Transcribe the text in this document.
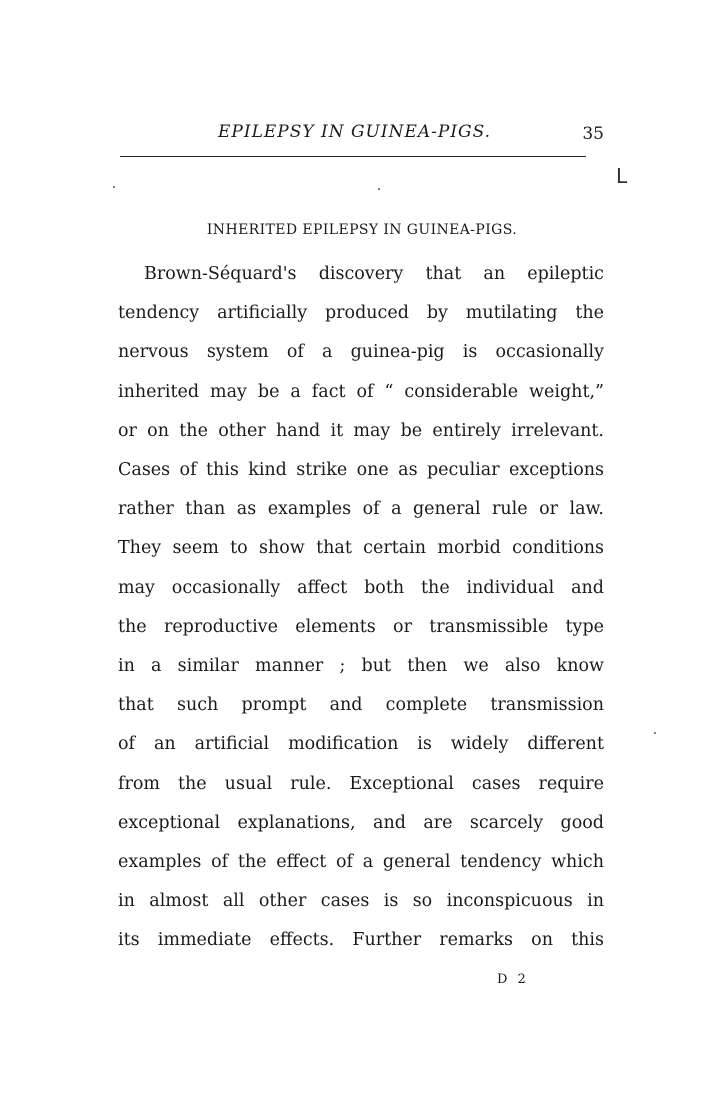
EPILEPSY IN GUINEA-PIGS.	35
L
INHERITED EPILEPSY IN GUINEA-PIGS.
Brown-Séquard's discovery that an epileptic
tendency artificially produced by mutilating the
nervous system of a guinea-pig is occasionally
inherited may be a fact of “ considerable weight,”
or on the other hand it may be entirely irrelevant.
Cases of this kind strike one as peculiar exceptions
rather than as examples of a general rule or law.
They seem to show that certain morbid conditions
may occasionally affect both the individual and
the reproductive elements or transmissible type
in a similar manner ; but then we also know
that such prompt and complete transmission
of an artificial modification is widely different
from the usual rule. Exceptional cases require
exceptional explanations, and are scarcely good
examples of the effect of a general tendency which
in almost all other cases is so inconspicuous in
its immediate effects. Further remarks on this
D 2
